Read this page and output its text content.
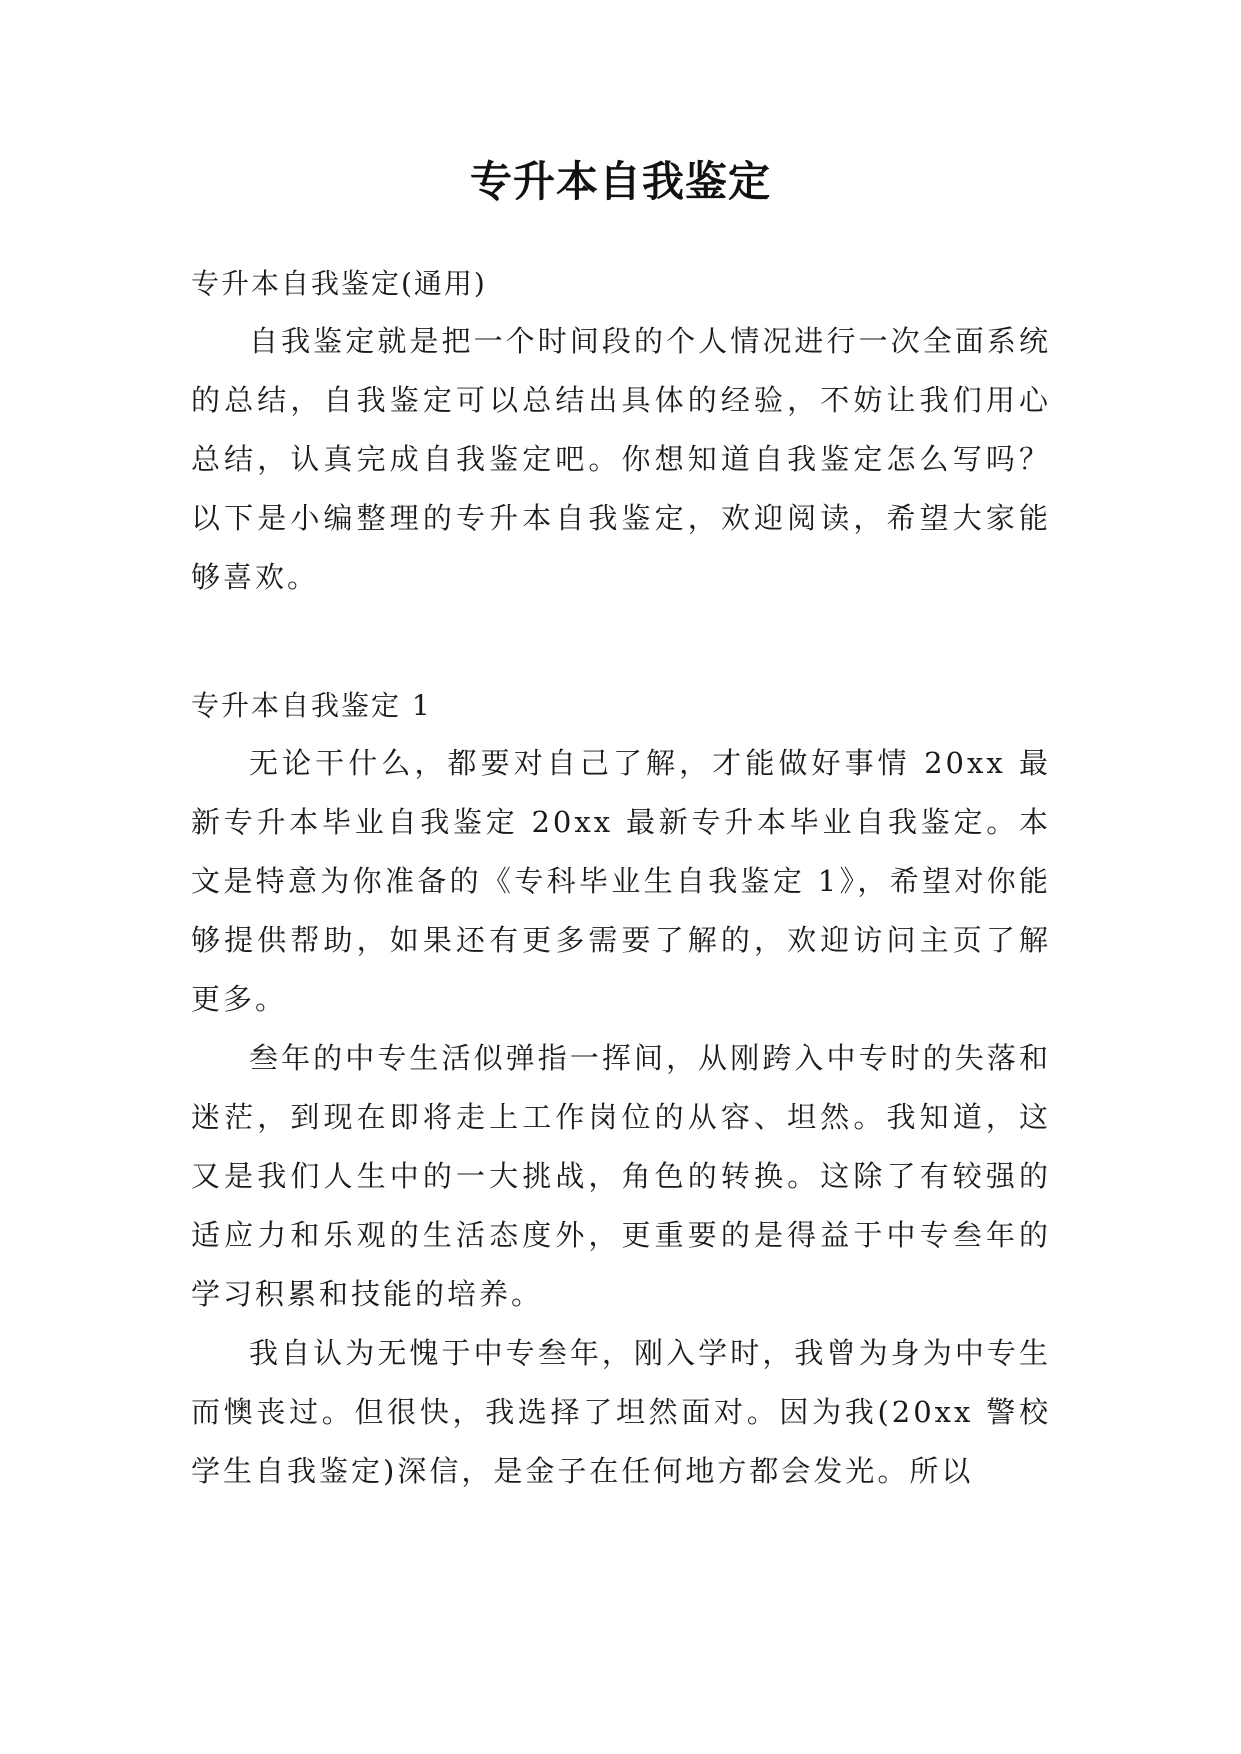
专升本自我鉴定

专升本自我鉴定(通用)

自我鉴定就是把一个时间段的个人情况进行一次全面系统的总结，自我鉴定可以总结出具体的经验，不妨让我们用心总结，认真完成自我鉴定吧。你想知道自我鉴定怎么写吗？以下是小编整理的专升本自我鉴定，欢迎阅读，希望大家能够喜欢。

专升本自我鉴定 1

无论干什么，都要对自己了解，才能做好事情 20xx 最新专升本毕业自我鉴定 20xx 最新专升本毕业自我鉴定。本文是特意为你准备的《专科毕业生自我鉴定 1》，希望对你能够提供帮助，如果还有更多需要了解的，欢迎访问主页了解更多。

叁年的中专生活似弹指一挥间，从刚跨入中专时的失落和迷茫，到现在即将走上工作岗位的从容、坦然。我知道，这又是我们人生中的一大挑战，角色的转换。这除了有较强的适应力和乐观的生活态度外，更重要的是得益于中专叁年的学习积累和技能的培养。

我自认为无愧于中专叁年，刚入学时，我曾为身为中专生而懊丧过。但很快，我选择了坦然面对。因为我(20xx 警校学生自我鉴定)深信，是金子在任何地方都会发光。所以
